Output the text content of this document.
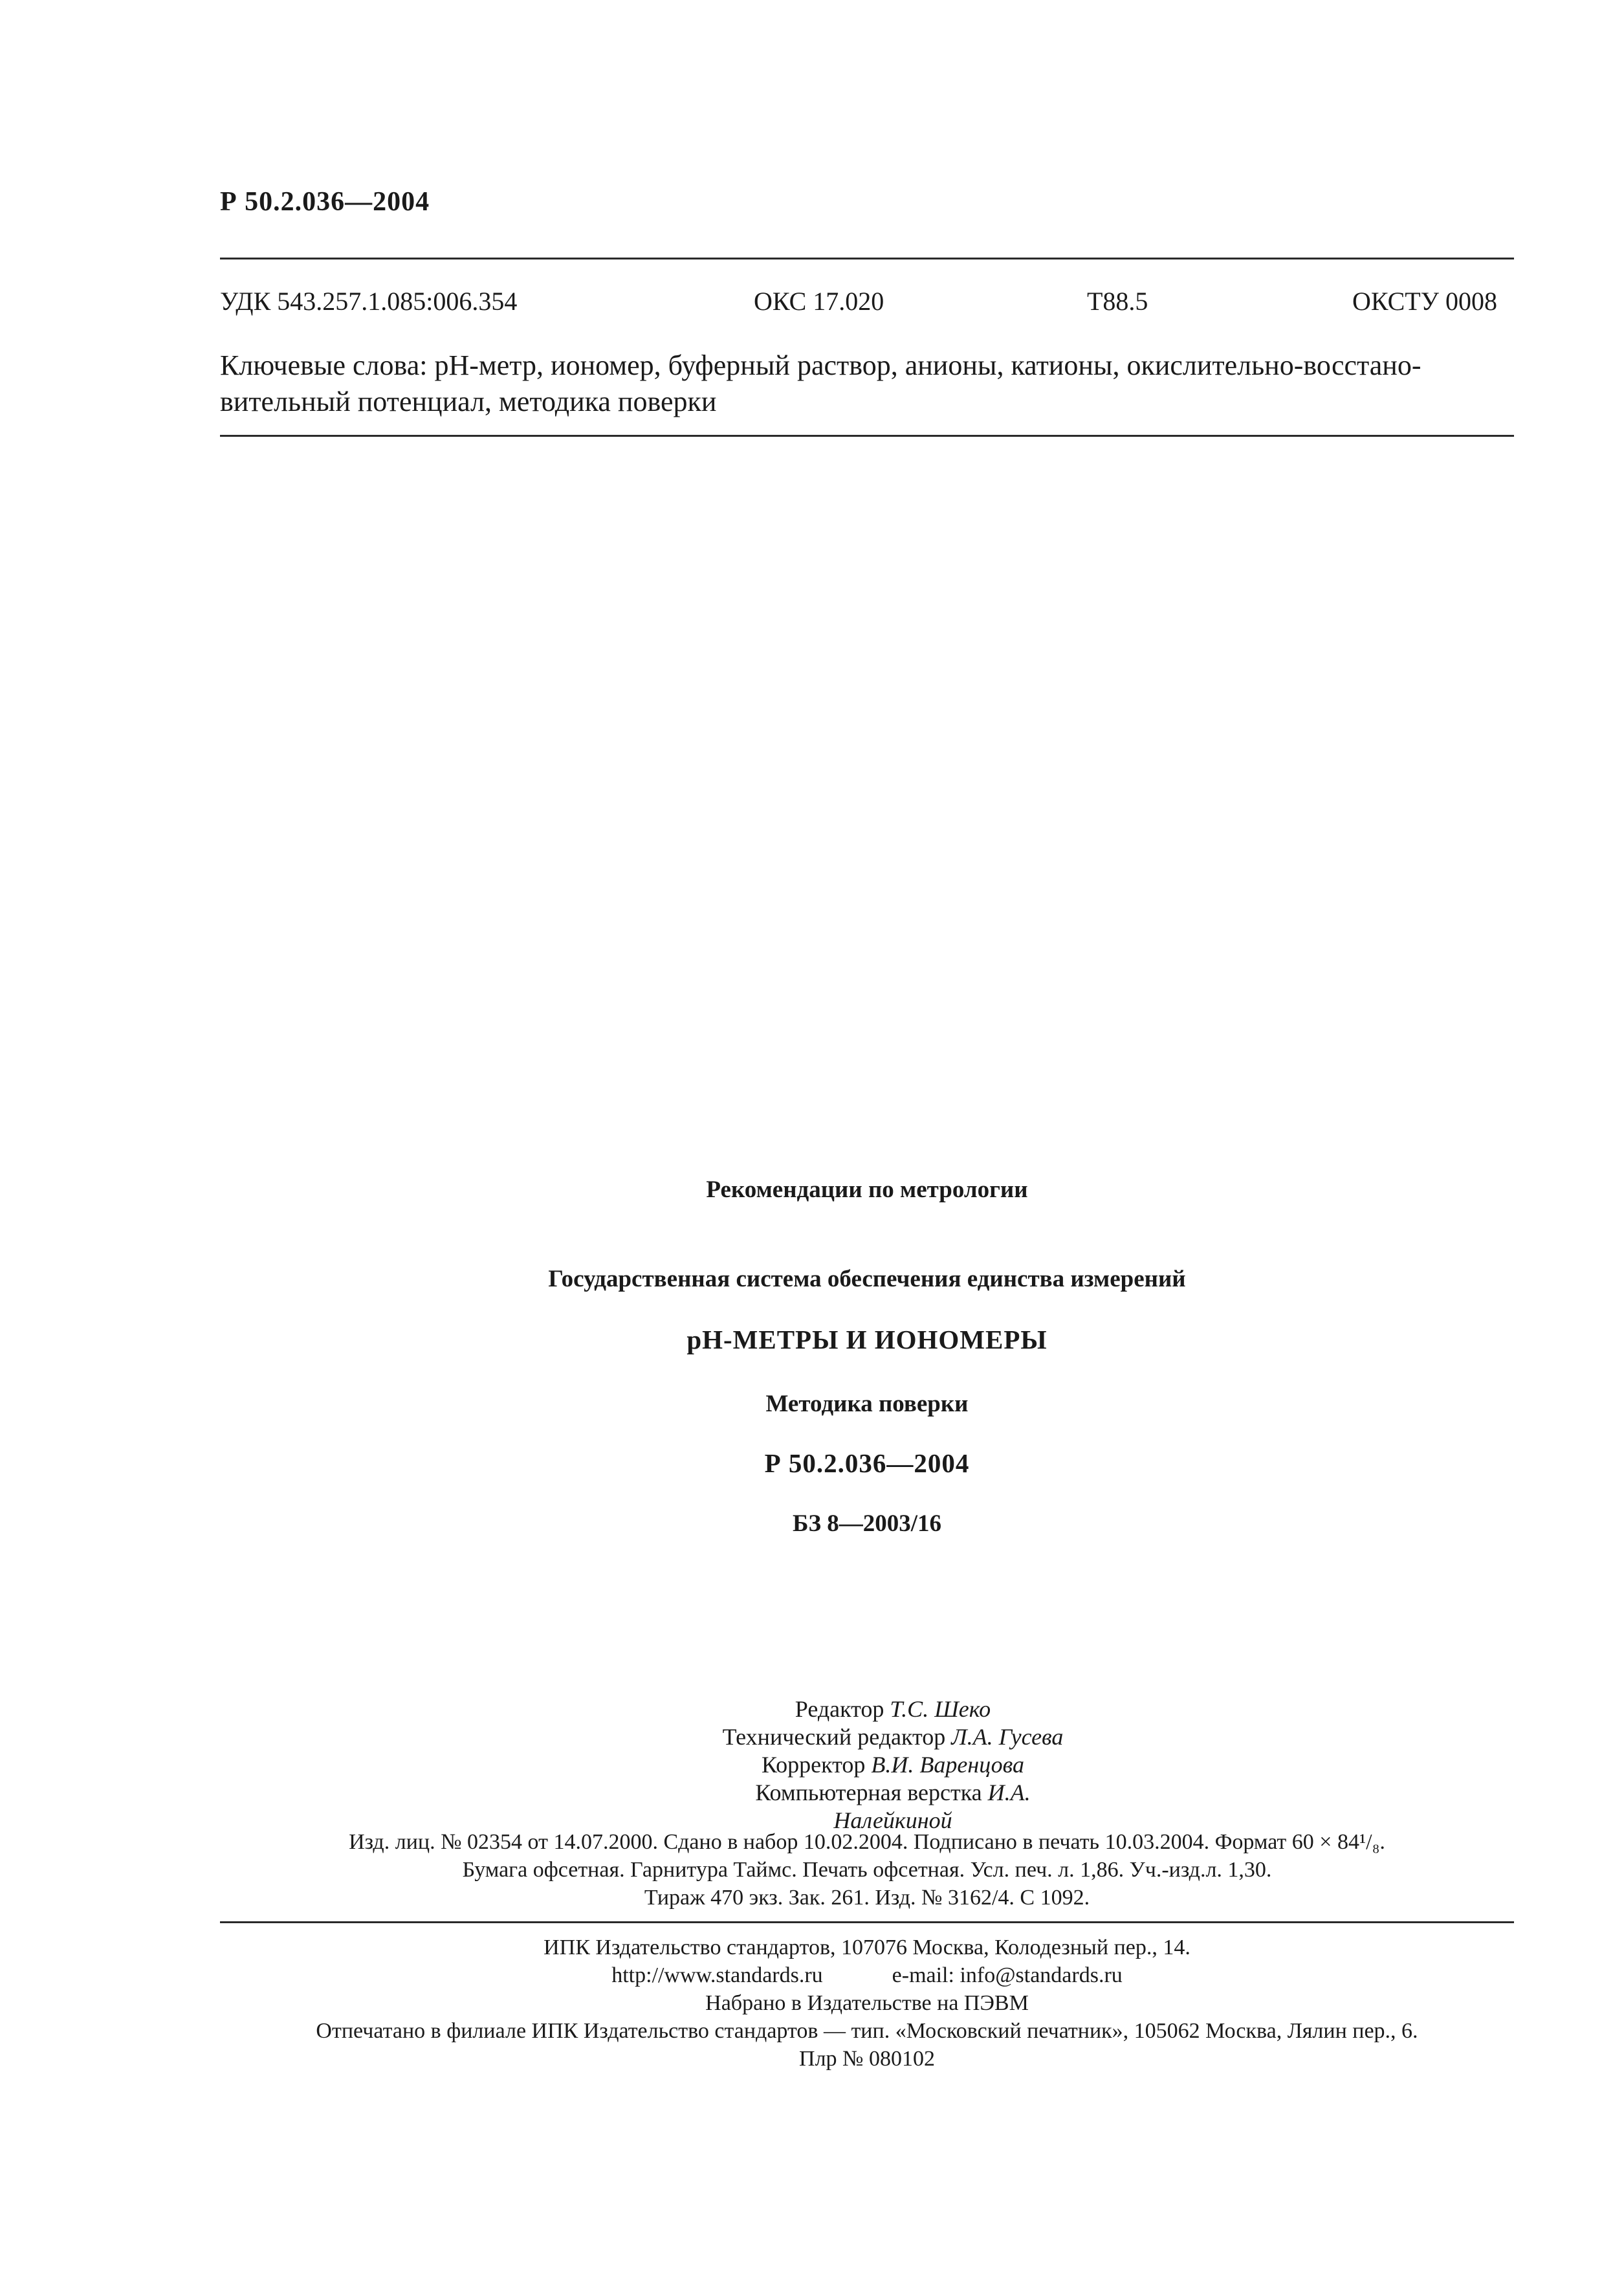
Р 50.2.036—2004
УДК 543.257.1.085:006.354	ОКС 17.020	Т88.5	ОКСТУ 0008
Ключевые слова: рН-метр, иономер, буферный раствор, анионы, катионы, окислительно-восстано-
вительный потенциал, методика поверки
Рекомендации по метрологии
Государственная система обеспечения единства измерений
рН-МЕТРЫ И ИОНОМЕРЫ
Методика поверки
Р 50.2.036—2004
БЗ 8—2003/16
Редактор Т.С. Шеко
Технический редактор Л.А. Гусева
Корректор В.И. Варенцова
Компьютерная верстка И.А. Налейкиной
Изд. лиц. № 02354 от 14.07.2000. Сдано в набор 10.02.2004. Подписано в печать 10.03.2004. Формат 60 × 84¹/₈.
Бумага офсетная. Гарнитура Таймс. Печать офсетная. Усл. печ. л. 1,86. Уч.-изд.л. 1,30.
Тираж 470 экз. Зак. 261. Изд. № 3162/4. С 1092.
ИПК Издательство стандартов, 107076 Москва, Колодезный пер., 14.
http://www.standards.ru	e-mail: info@standards.ru
Набрано в Издательстве на ПЭВМ
Отпечатано в филиале ИПК Издательство стандартов — тип. «Московский печатник», 105062 Москва, Лялин пер., 6.
Плр № 080102
